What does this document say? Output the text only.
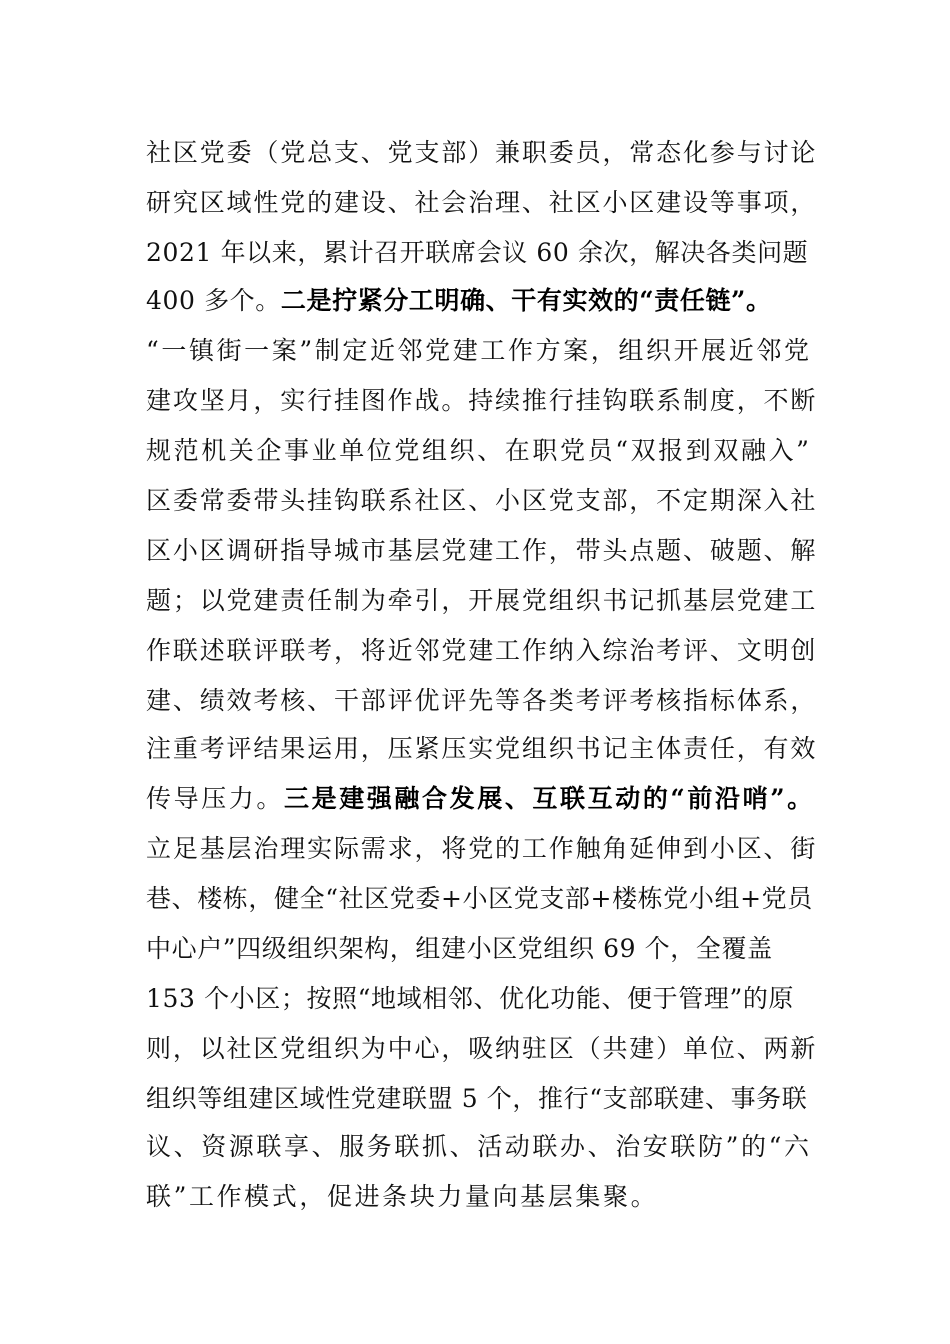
社区党委（党总支、党支部）兼职委员，常态化参与讨论
研究区域性党的建设、社会治理、社区小区建设等事项，
2021 年以来，累计召开联席会议 60 余次，解决各类问题
400 多个。二是拧紧分工明确、干有实效的“责任链”。
“一镇街一案”制定近邻党建工作方案，组织开展近邻党
建攻坚月，实行挂图作战。持续推行挂钩联系制度，不断
规范机关企事业单位党组织、在职党员“双报到双融入”
区委常委带头挂钩联系社区、小区党支部，不定期深入社
区小区调研指导城市基层党建工作，带头点题、破题、解
题；以党建责任制为牵引，开展党组织书记抓基层党建工
作联述联评联考，将近邻党建工作纳入综治考评、文明创
建、绩效考核、干部评优评先等各类考评考核指标体系，
注重考评结果运用，压紧压实党组织书记主体责任，有效
传导压力。三是建强融合发展、互联互动的“前沿哨”。
立足基层治理实际需求，将党的工作触角延伸到小区、街
巷、楼栋，健全“社区党委+小区党支部+楼栋党小组+党员
中心户”四级组织架构，组建小区党组织 69 个，全覆盖
153 个小区；按照“地域相邻、优化功能、便于管理”的原
则，以社区党组织为中心，吸纳驻区（共建）单位、两新
组织等组建区域性党建联盟 5 个，推行“支部联建、事务联
议、资源联享、服务联抓、活动联办、治安联防”的“六
联”工作模式，促进条块力量向基层集聚。
